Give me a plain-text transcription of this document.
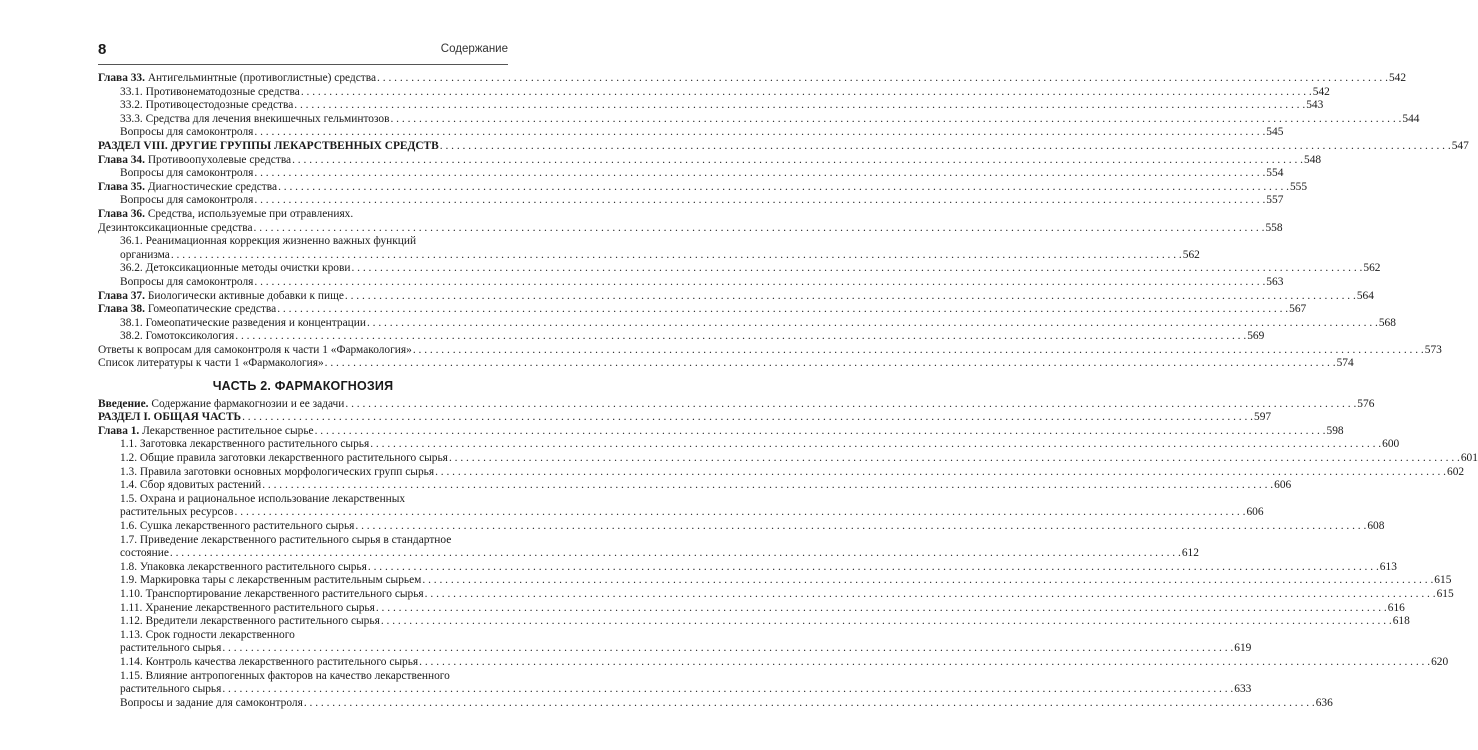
8	Содержание
Глава 33. Антигельминтные (противоглистные) средства . . .	542
33.1. Противонематодозные средства . . .	542
33.2. Противоцестодозные средства . . .	543
33.3. Средства для лечения внекишечных гельминтозов . . .	544
Вопросы для самоконтроля . . .	545
РАЗДЕЛ VIII. ДРУГИЕ ГРУППЫ ЛЕКАРСТВЕННЫХ СРЕДСТВ . . .	547
Глава 34. Противоопухолевые средства . . .	548
Вопросы для самоконтроля . . .	554
Глава 35. Диагностические средства . . .	555
Вопросы для самоконтроля . . .	557
Глава 36. Средства, используемые при отравлениях.
Дезинтоксикационные средства . . .	558
36.1. Реанимационная коррекция жизненно важных функций
организма . . .	562
36.2. Детоксикационные методы очистки крови . . .	562
Вопросы для самоконтроля . . .	563
Глава 37. Биологически активные добавки к пище . . .	564
Глава 38. Гомеопатические средства . . .	567
38.1. Гомеопатические разведения и концентрации . . .	568
38.2. Гомотоксикология . . .	569
Ответы к вопросам для самоконтроля к части 1 «Фармакология» . . .	573
Список литературы к части 1 «Фармакология» . . .	574
ЧАСТЬ 2. ФАРМАКОГНОЗИЯ
Введение. Содержание фармакогнозии и ее задачи . . .	576
РАЗДЕЛ I. ОБЩАЯ ЧАСТЬ . . .	597
Глава 1. Лекарственное растительное сырье . . .	598
1.1. Заготовка лекарственного растительного сырья . . .	600
1.2. Общие правила заготовки лекарственного растительного сырья . . .	601
1.3. Правила заготовки основных морфологических групп сырья . . .	602
1.4. Сбор ядовитых растений . . .	606
1.5. Охрана и рациональное использование лекарственных
растительных ресурсов . . .	606
1.6. Сушка лекарственного растительного сырья . . .	608
1.7. Приведение лекарственного растительного сырья в стандартное
состояние . . .	612
1.8. Упаковка лекарственного растительного сырья . . .	613
1.9. Маркировка тары с лекарственным растительным сырьем . . .	615
1.10. Транспортирование лекарственного растительного сырья . . .	615
1.11. Хранение лекарственного растительного сырья . . .	616
1.12. Вредители лекарственного растительного сырья . . .	618
1.13. Срок годности лекарственного
растительного сырья . . .	619
1.14. Контроль качества лекарственного растительного сырья . . .	620
1.15. Влияние антропогенных факторов на качество лекарственного
растительного сырья . . .	633
Вопросы и задание для самоконтроля . . .	636
